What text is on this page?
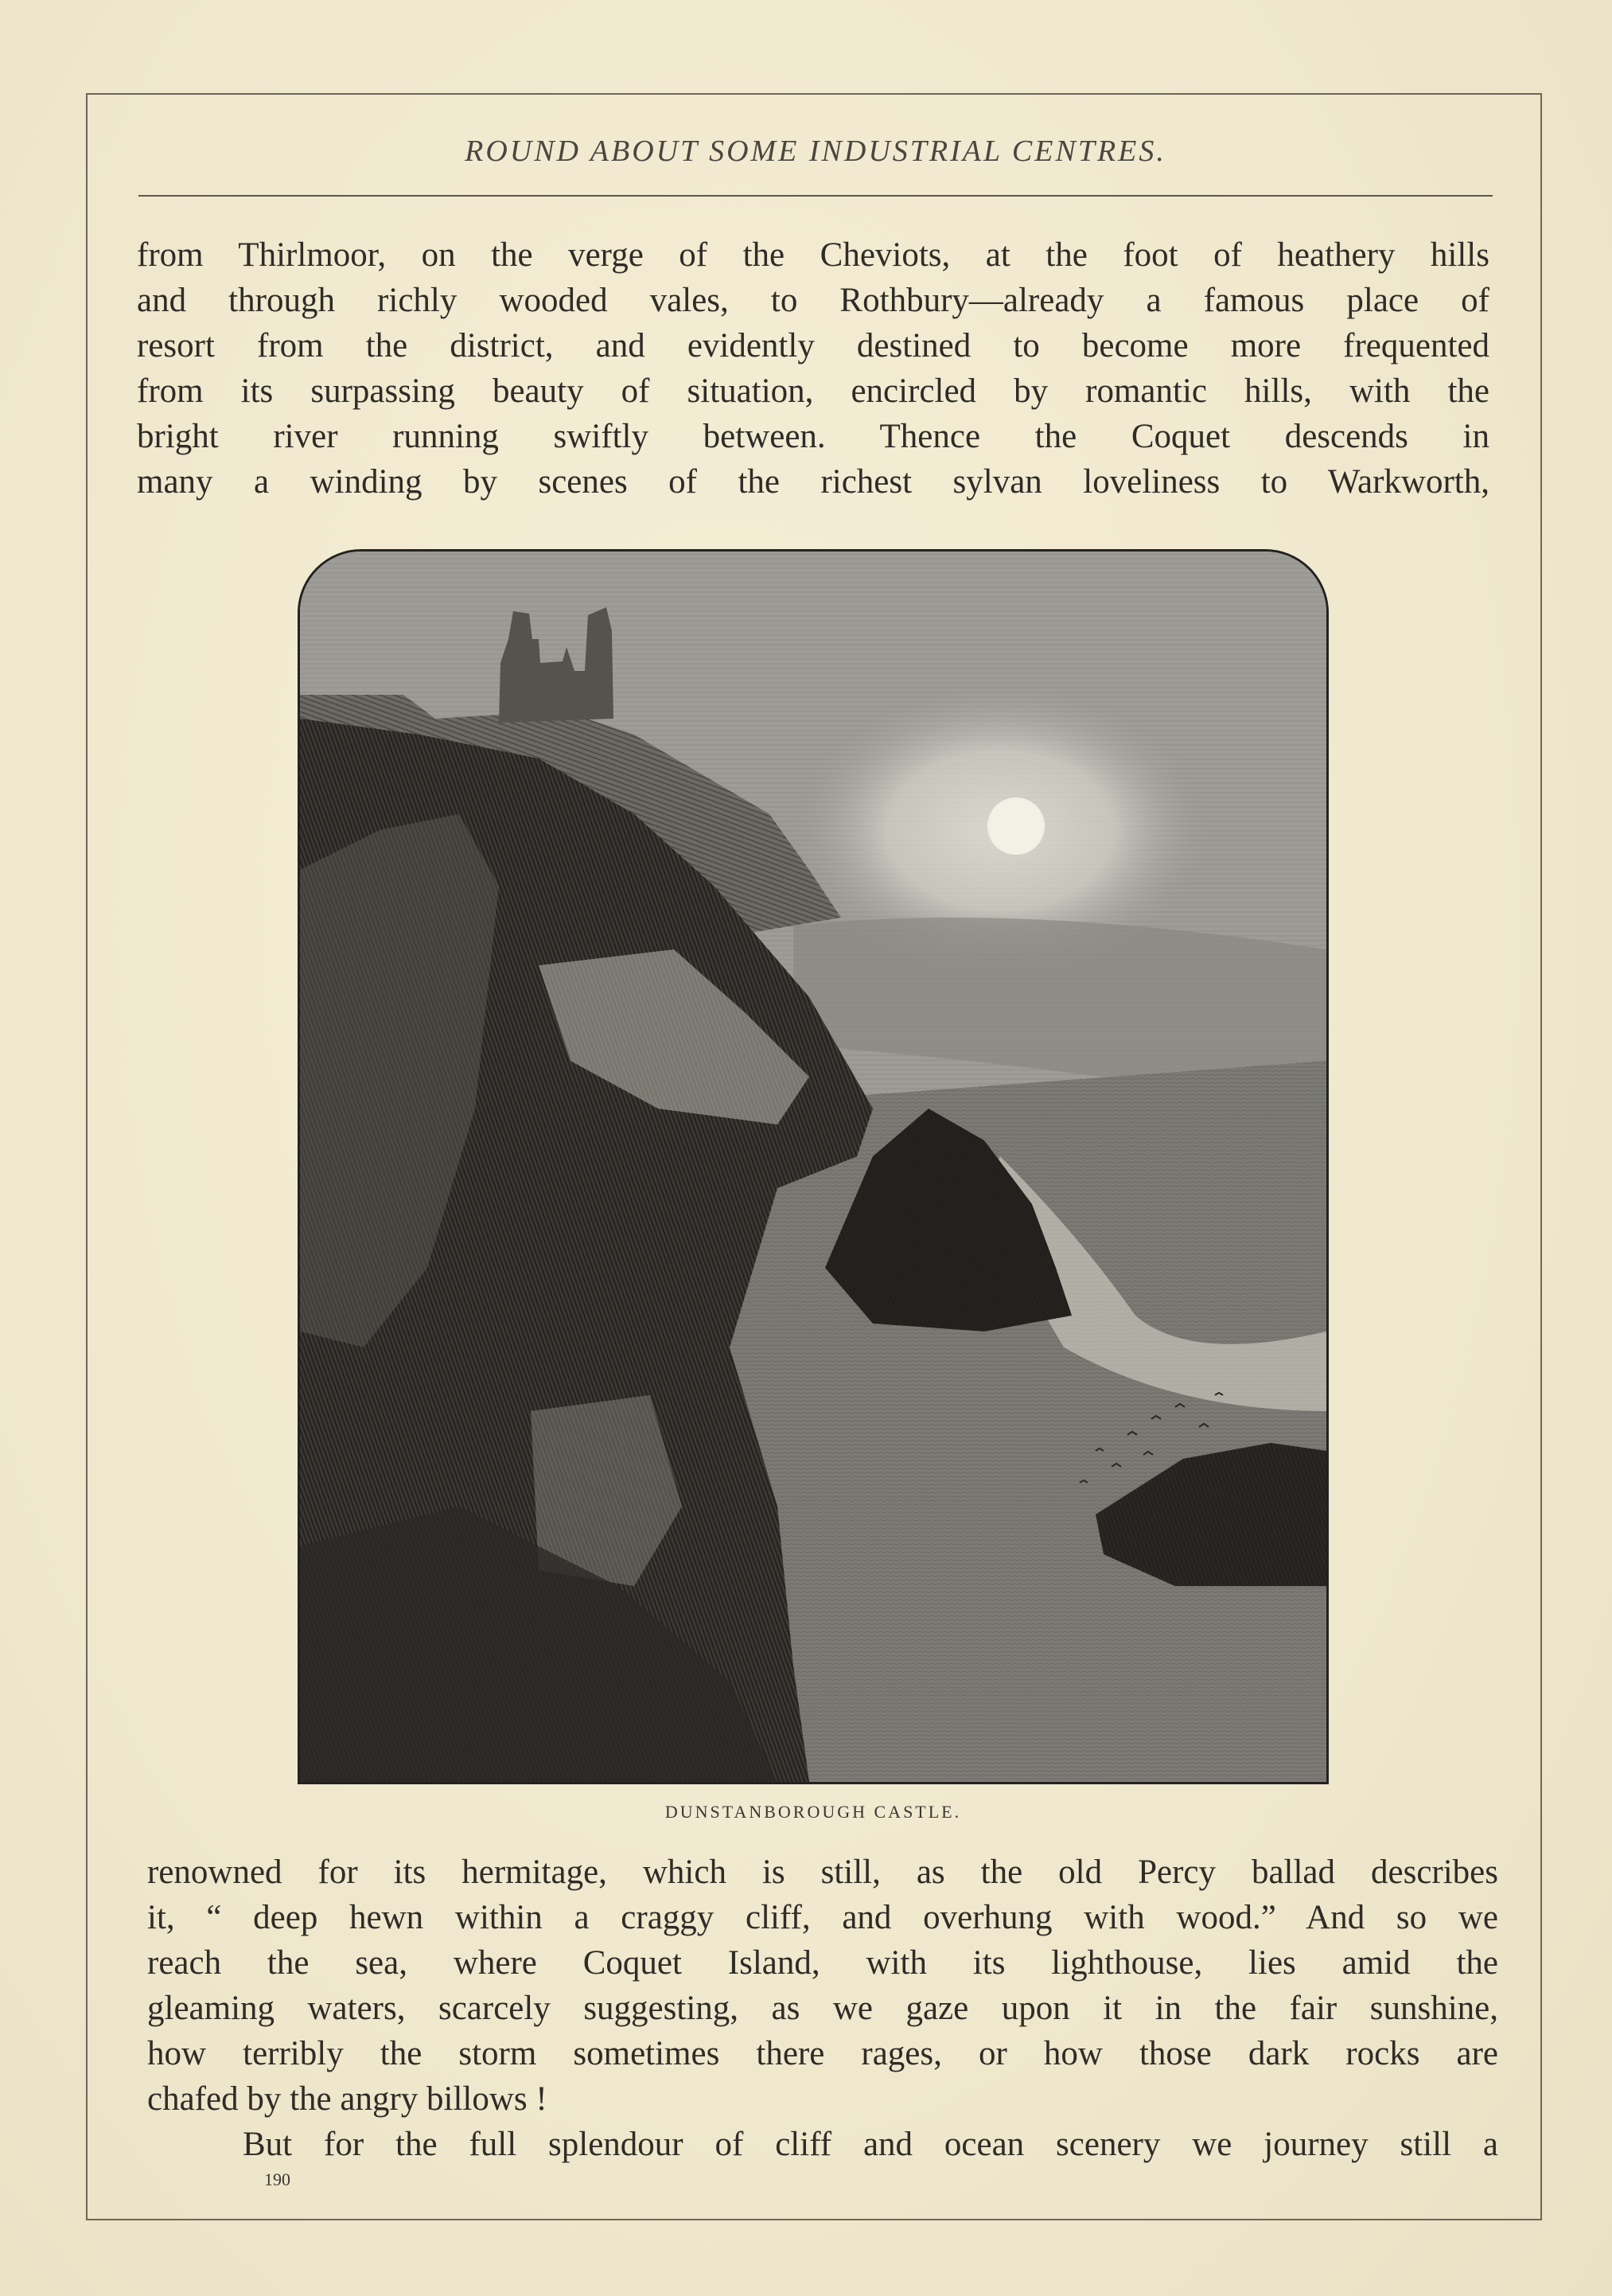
ROUND ABOUT SOME INDUSTRIAL CENTRES.
from Thirlmoor, on the verge of the Cheviots, at the foot of heathery hills
and through richly wooded vales, to Rothbury—already a famous place of
resort from the district, and evidently destined to become more frequented
from its surpassing beauty of situation, encircled by romantic hills, with the
bright river running swiftly between. Thence the Coquet descends in
many a winding by scenes of the richest sylvan loveliness to Warkworth,
DUNSTANBOROUGH CASTLE.
renowned for its hermitage, which is still, as the old Percy ballad describes
it, “ deep hewn within a craggy cliff, and overhung with wood.” And so we
reach the sea, where Coquet Island, with its lighthouse, lies amid the
gleaming waters, scarcely suggesting, as we gaze upon it in the fair sunshine,
how terribly the storm sometimes there rages, or how those dark rocks are
chafed by the angry billows !
But for the full splendour of cliff and ocean scenery we journey still a
190
